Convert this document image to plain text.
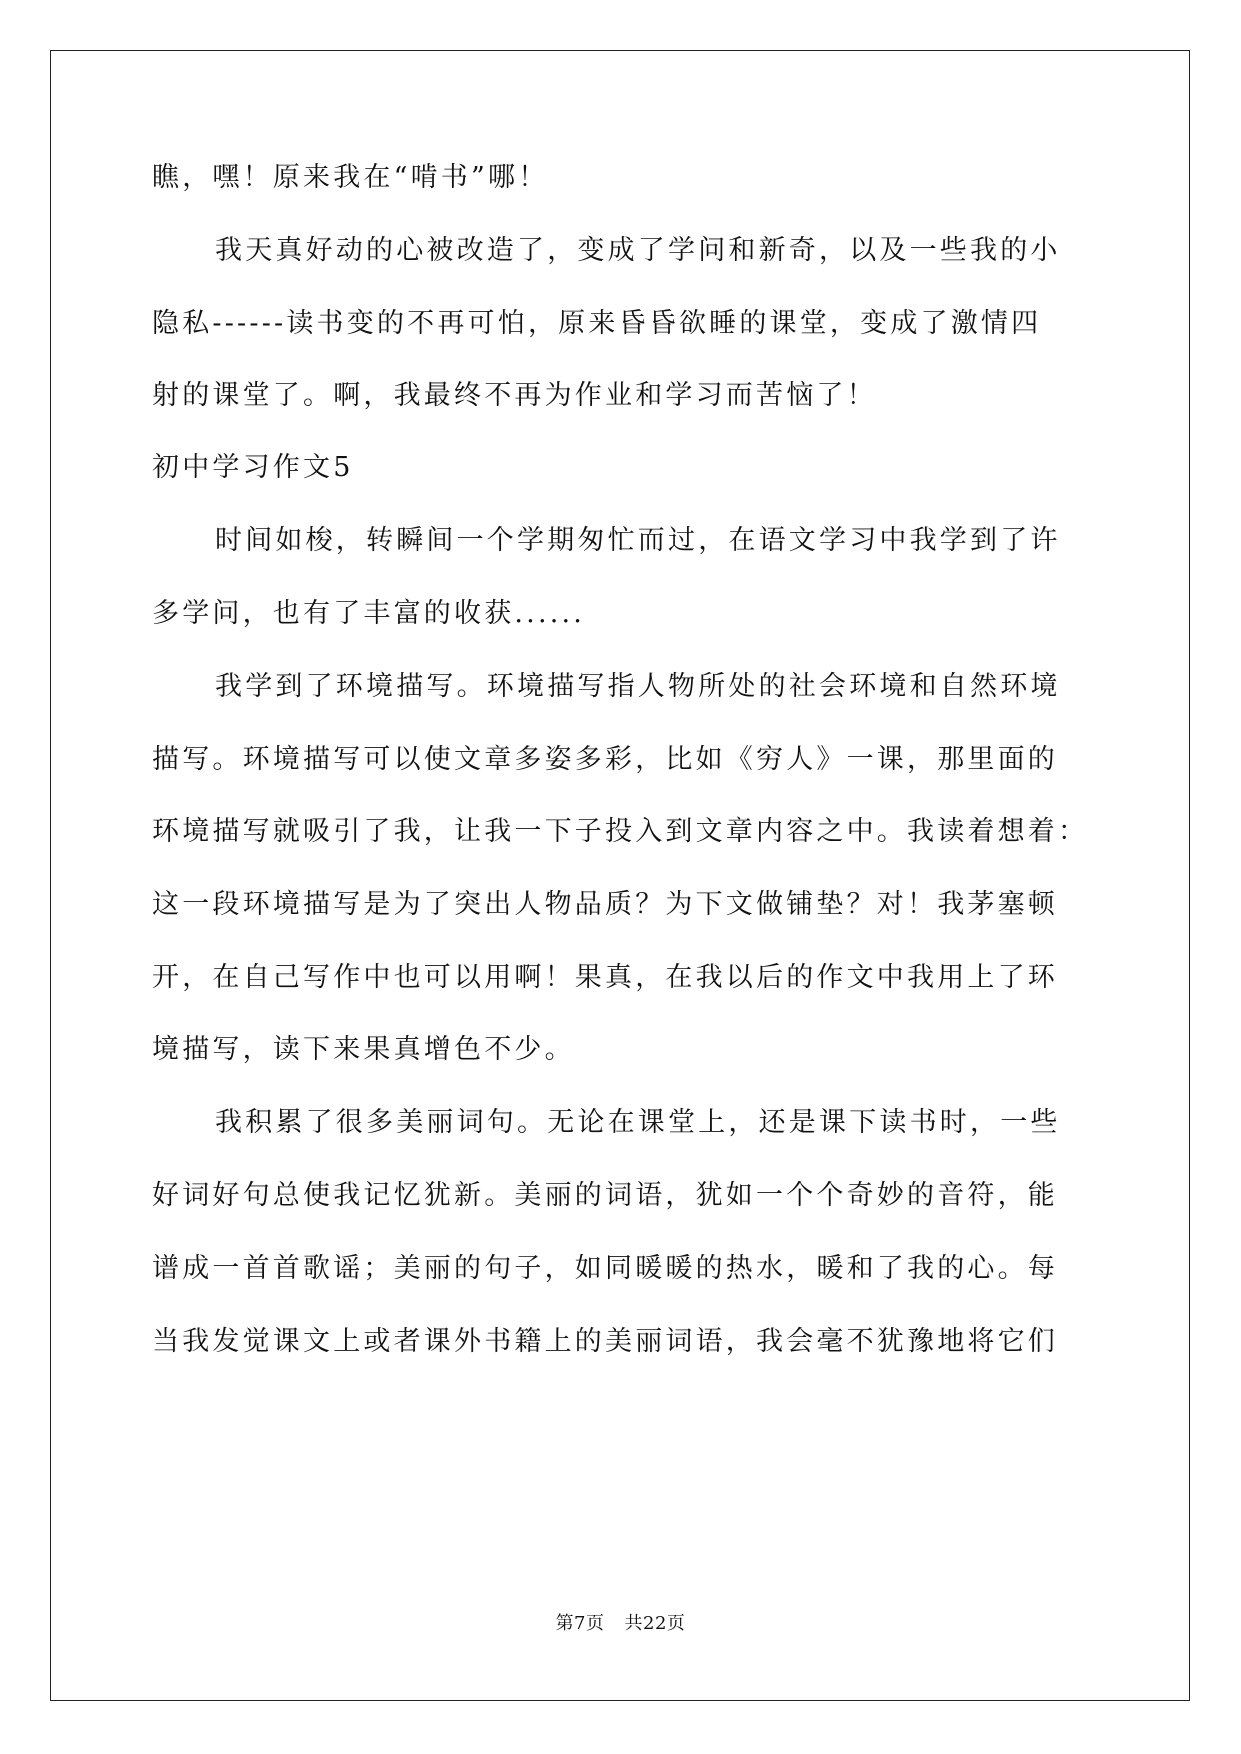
瞧，嘿！原来我在“啃书”哪！
我天真好动的心被改造了，变成了学问和新奇，以及一些我的小
隐私------读书变的不再可怕，原来昏昏欲睡的课堂，变成了激情四
射的课堂了。啊，我最终不再为作业和学习而苦恼了！
初中学习作文5
时间如梭，转瞬间一个学期匆忙而过，在语文学习中我学到了许
多学问，也有了丰富的收获......
我学到了环境描写。环境描写指人物所处的社会环境和自然环境
描写。环境描写可以使文章多姿多彩，比如《穷人》一课，那里面的
环境描写就吸引了我，让我一下子投入到文章内容之中。我读着想着：
这一段环境描写是为了突出人物品质？为下文做铺垫？对！我茅塞顿
开，在自己写作中也可以用啊！果真，在我以后的作文中我用上了环
境描写，读下来果真增色不少。
我积累了很多美丽词句。无论在课堂上，还是课下读书时，一些
好词好句总使我记忆犹新。美丽的词语，犹如一个个奇妙的音符，能
谱成一首首歌谣；美丽的句子，如同暖暖的热水，暖和了我的心。每
当我发觉课文上或者课外书籍上的美丽词语，我会毫不犹豫地将它们
第7页 共22页
